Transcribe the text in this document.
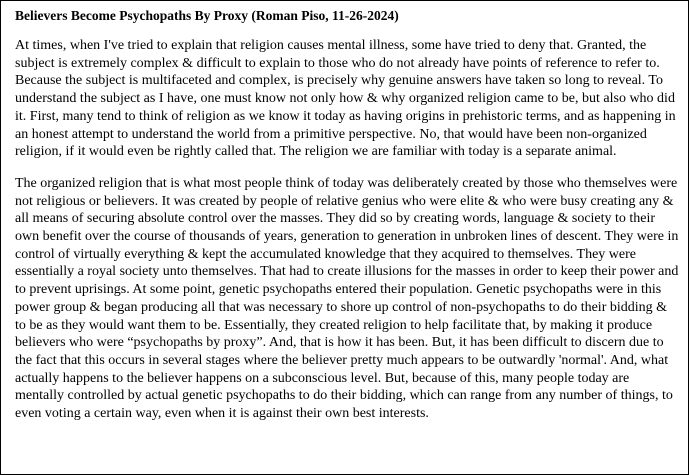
Believers Become Psychopaths By Proxy (Roman Piso, 11-26-2024)

At times, when I've tried to explain that religion causes mental illness, some have tried to deny that. Granted, the subject is extremely complex & difficult to explain to those who do not already have points of reference to refer to. Because the subject is multifaceted and complex, is precisely why genuine answers have taken so long to reveal. To understand the subject as I have, one must know not only how & why organized religion came to be, but also who did it. First, many tend to think of religion as we know it today as having origins in prehistoric terms, and as happening in an honest attempt to understand the world from a primitive perspective. No, that would have been non-organized religion, if it would even be rightly called that. The religion we are familiar with today is a separate animal.

The organized religion that is what most people think of today was deliberately created by those who themselves were not religious or believers. It was created by people of relative genius who were elite & who were busy creating any & all means of securing absolute control over the masses. They did so by creating words, language & society to their own benefit over the course of thousands of years, generation to generation in unbroken lines of descent. They were in control of virtually everything & kept the accumulated knowledge that they acquired to themselves. They were essentially a royal society unto themselves. That had to create illusions for the masses in order to keep their power and to prevent uprisings. At some point, genetic psychopaths entered their population. Genetic psychopaths were in this power group & began producing all that was necessary to shore up control of non-psychopaths to do their bidding & to be as they would want them to be. Essentially, they created religion to help facilitate that, by making it produce believers who were “psychopaths by proxy”. And, that is how it has been. But, it has been difficult to discern due to the fact that this occurs in several stages where the believer pretty much appears to be outwardly 'normal'. And, what actually happens to the believer happens on a subconscious level. But, because of this, many people today are mentally controlled by actual genetic psychopaths to do their bidding, which can range from any number of things, to even voting a certain way, even when it is against their own best interests.
